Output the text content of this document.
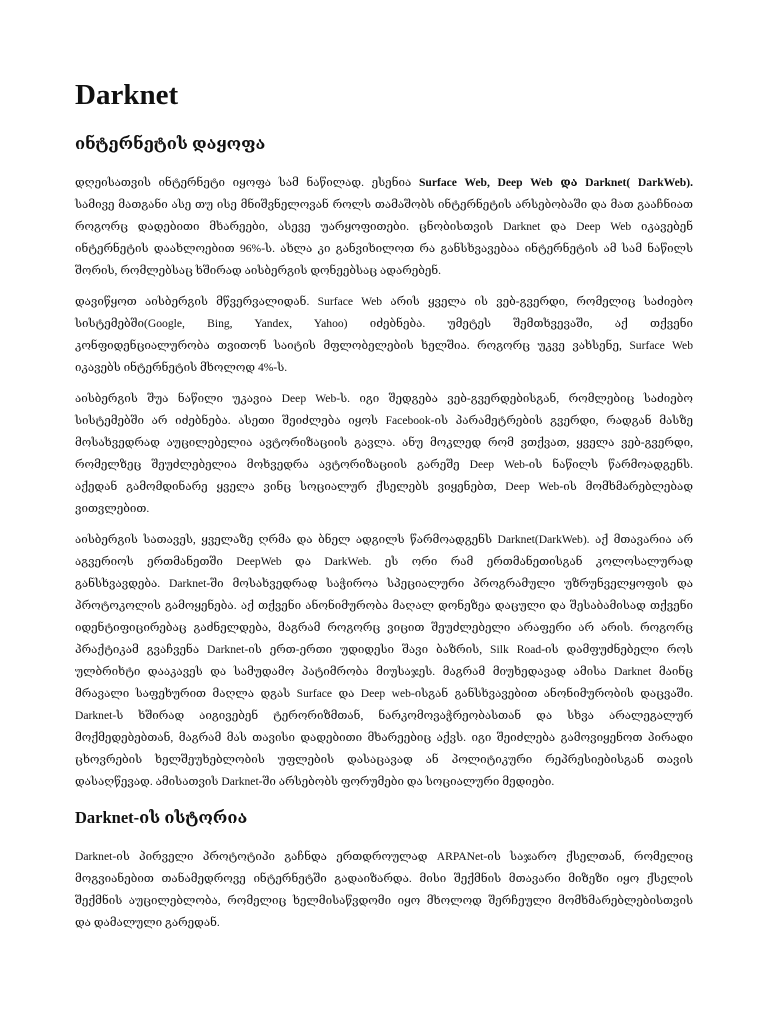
Darknet
ინტერნეტის დაყოფა

დღეისათვის ინტერნეტი იყოფა სამ ნაწილად. ესენია Surface Web, Deep Web და Darknet( DarkWeb).
სამივე მათგანი ასე თუ ისე მნიშვნელოვან როლს თამაშობს ინტერნეტის არსებობაში და მათ გააჩნიათ
როგორც დადებითი მხარეები, ასევე უარყოფითები. ცნობისთვის Darknet და Deep Web იკავებენ
ინტერნეტის დაახლოებით 96%-ს. ახლა კი განვიხილოთ რა განსხვავებაა ინტერნეტის ამ სამ ნაწილს
შორის, რომლებსაც ხშირად აისბერგის დონეებსაც ადარებენ.

დავიწყოთ აისბერგის მწვერვალიდან. Surface Web არის ყველა ის ვებ-გვერდი, რომელიც საძიებო
სისტემებში(Google, Bing, Yandex, Yahoo) იძებნება. უმეტეს შემთხვევაში, აქ თქვენი
კონფიდენციალურობა თვითონ საიტის მფლობელების ხელშია. როგორც უკვე ვახსენე, Surface Web
იკავებს ინტერნეტის მხოლოდ 4%-ს.

აისბერგის შუა ნაწილი უკავია Deep Web-ს. იგი შედგება ვებ-გვერდებისგან, რომლებიც საძიებო
სისტემებში არ იძებნება. ასეთი შეიძლება იყოს Facebook-ის პარამეტრების გვერდი, რადგან მასზე
მოსახვედრად აუცილებელია ავტორიზაციის გავლა. ანუ მოკლედ რომ ვთქვათ, ყველა ვებ-გვერდი,
რომელზეც შეუძლებელია მოხვედრა ავტორიზაციის გარეშე Deep Web-ის ნაწილს წარმოადგენს.
აქედან გამომდინარე ყველა ვინც სოციალურ ქსელებს ვიყენებთ, Deep Web-ის მომხმარებლებად
ვითვლებით.

აისბერგის სათავეს, ყველაზე ღრმა და ბნელ ადგილს წარმოადგენს Darknet(DarkWeb). აქ მთავარია არ
აგვერიოს ერთმანეთში DeepWeb და DarkWeb. ეს ორი რამ ერთმანეთისგან კოლოსალურად
განსხვავდება. Darknet-ში მოსახვედრად საჭიროა სპეციალური პროგრამული უზრუნველყოფის და
პროტოკოლის გამოყენება. აქ თქვენი ანონიმურობა მაღალ დონეზეა დაცული და შესაბამისად თქვენი
იდენტიფიცირებაც გაძნელდება, მაგრამ როგორც ვიცით შეუძლებელი არაფერი არ არის. როგორც
პრაქტიკამ გვაჩვენა Darknet-ის ერთ-ერთი უდიდესი შავი ბაზრის, Silk Road-ის დამფუძნებელი როს
ულბრიხტი დააკავეს და სამუდამო პატიმრობა მიუსაჯეს. მაგრამ მიუხედავად ამისა Darknet მაინც
მრავალი საფეხურით მაღლა დგას Surface და Deep web-ისგან განსხვავებით ანონიმურობის დაცვაში.
Darknet-ს ხშირად აიგივებენ ტერორიზმთან, ნარკომოვაჭრეობასთან და სხვა არალეგალურ
მოქმედებებთან, მაგრამ მას თავისი დადებითი მხარეებიც აქვს. იგი შეიძლება გამოვიყენოთ პირადი
ცხოვრების ხელშეუხებლობის უფლების დასაცავად ან პოლიტიკური რეპრესიებისგან თავის
დასაღწევად. ამისათვის Darknet-ში არსებობს ფორუმები და სოციალური მედიები.

Darknet-ის ისტორია

Darknet-ის პირველი პროტოტიპი გაჩნდა ერთდროულად ARPANet-ის საჯარო ქსელთან, რომელიც
მოგვიანებით თანამედროვე ინტერნეტში გადაიზარდა. მისი შექმნის მთავარი მიზეზი იყო ქსელის
შექმნის აუცილებლობა, რომელიც ხელმისაწვდომი იყო მხოლოდ შერჩეული მომხმარებლებისთვის
და დამალული გარედან.
